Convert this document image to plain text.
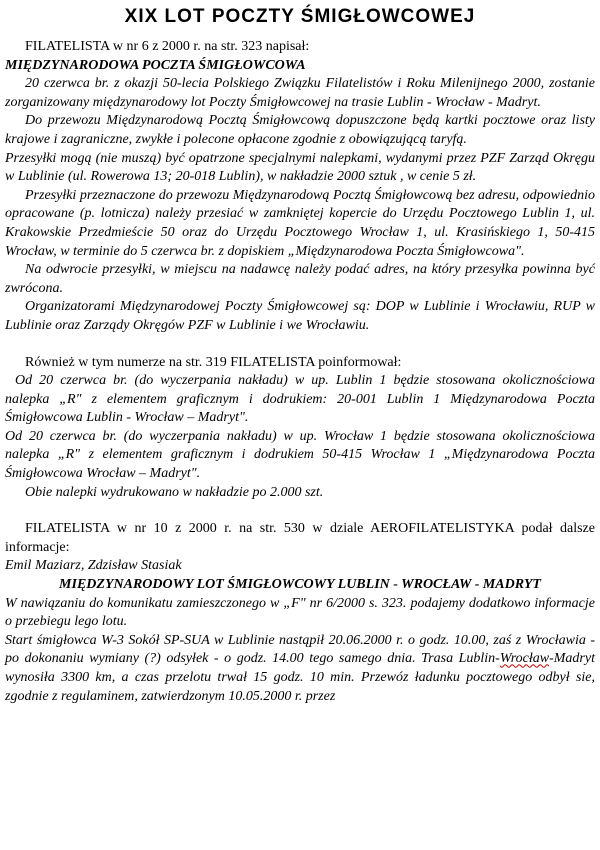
XIX LOT POCZTY ŚMIGŁOWCOWEJ

FILATELISTA w nr 6 z 2000 r. na str. 323 napisał:

MIĘDZYNARODOWA POCZTA ŚMIGŁOWCOWA

20 czerwca br. z okazji 50-lecia Polskiego Związku Filatelistów i Roku Milenijnego 2000, zostanie zorganizowany międzynarodowy lot Poczty Śmigłowcowej na trasie Lublin - Wrocław - Madryt.

Do przewozu Międzynarodową Pocztą Śmigłowcową dopuszczone będą kartki pocztowe oraz listy krajowe i zagraniczne, zwykłe i polecone opłacone zgodnie z obowiązującą taryfą.

Przesyłki mogą (nie muszą) być opatrzone specjalnymi nalepkami, wydanymi przez PZF Zarząd Okręgu w Lublinie (ul. Rowerowa 13; 20-018 Lublin), w nakładzie 2000 sztuk , w cenie 5 zł.

Przesyłki przeznaczone do przewozu Międzynarodową Pocztą Śmigłowcową bez adresu, odpowiednio opracowane (p. lotnicza) należy przesiać w zamkniętej kopercie do Urzędu Pocztowego Lublin 1, ul. Krakowskie Przedmieście 50 oraz do Urzędu Pocztowego Wrocław 1, ul. Krasińskiego 1, 50-415 Wrocław, w terminie do 5 czerwca br. z dopiskiem „Międzynarodowa Poczta Śmigłowcowa".

Na odwrocie przesyłki, w miejscu na nadawcę należy podać adres, na który przesyłka powinna być zwrócona.

Organizatorami Międzynarodowej Poczty Śmigłowcowej są: DOP w Lublinie i Wrocławiu, RUP w Lublinie oraz Zarządy Okręgów PZF w Lublinie i we Wrocławiu.

Również w tym numerze na str. 319 FILATELISTA poinformował:

Od 20 czerwca br. (do wyczerpania nakładu) w up. Lublin 1 będzie stosowana okolicznościowa nalepka „R" z elementem graficznym i dodrukiem: 20-001 Lublin 1 Międzynarodowa Poczta Śmigłowcowa Lublin - Wrocław – Madryt".

Od 20 czerwca br. (do wyczerpania nakładu) w up. Wrocław 1 będzie stosowana okolicznościowa nalepka „R" z elementem graficznym i dodrukiem 50-415 Wrocław 1 „Międzynarodowa Poczta Śmigłowcowa Wrocław – Madryt".

Obie nalepki wydrukowano w nakładzie po 2.000 szt.

FILATELISTA w nr 10 z 2000 r. na str. 530 w dziale AEROFILATELISTYKA podał dalsze informacje:

Emil Maziarz, Zdzisław Stasiak

MIĘDZYNARODOWY LOT ŚMIGŁOWCOWY LUBLIN - WROCŁAW - MADRYT

W nawiązaniu do komunikatu zamieszczonego w „F" nr 6/2000 s. 323. podajemy dodatkowo informacje o przebiegu lego lotu.

Start śmigłowca W-3 Sokół SP-SUA w Lublinie nastąpił 20.06.2000 r. o godz. 10.00, zaś z Wrocławia - po dokonaniu wymiany (?) odsyłek - o godz. 14.00 tego samego dnia. Trasa Lublin-Wrocław-Madryt wynosiła 3300 km, a czas przelotu trwał 15 godz. 10 min. Przewóz ładunku pocztowego odbył sie, zgodnie z regulaminem, zatwierdzonym 10.05.2000 r. przez
